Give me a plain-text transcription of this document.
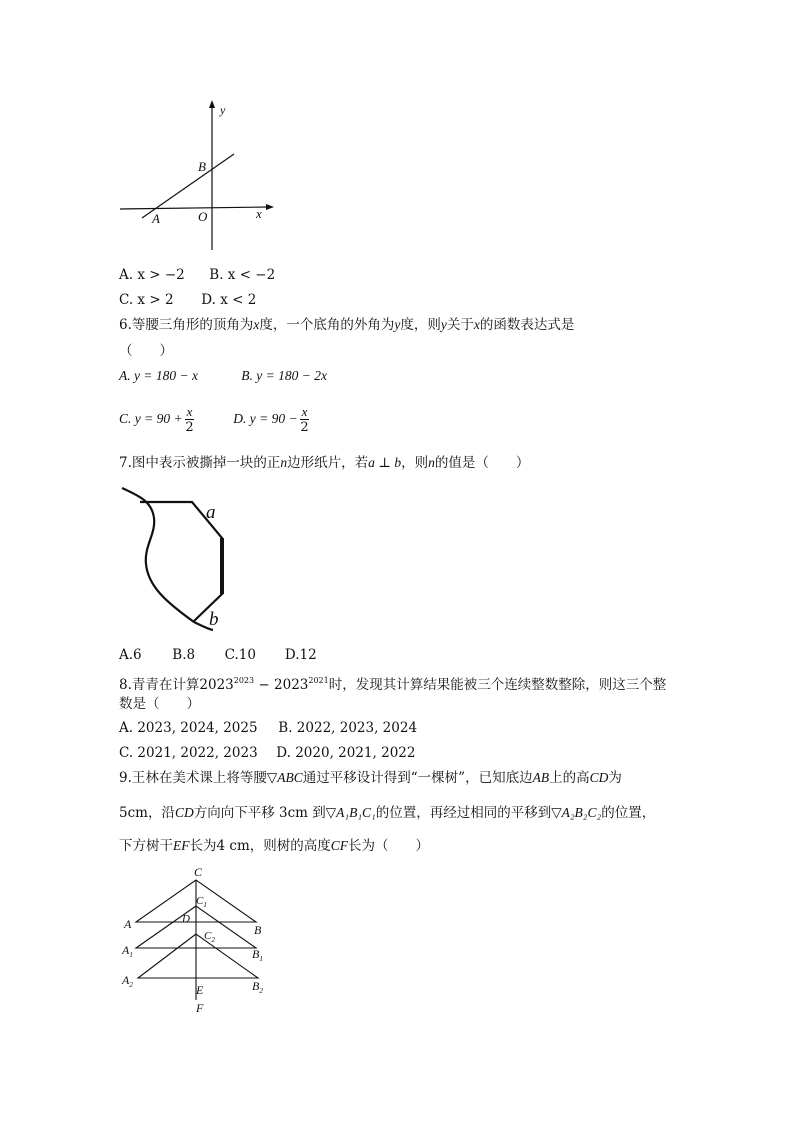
y
x
B
A	O
A. x > −2 B. x < −2
C. x > 2 D. x < 2
6.等腰三角形的顶角为x度，一个底角的外角为y度，则y关于x的函数表达式是
（　　）
A. y = 180 − x	B. y = 180 − 2x
C. $y = 90 + \frac{x}{2}$	D. $y = 90 - \frac{x}{2}$
7.图中表示被撕掉一块的正n边形纸片，若a ⊥ b，则n的值是（　　）
a
b
A.6 B.8 C.10 D.12
8.青青在计算$2023^{2023} - 2023^{2021}$时，发现其计算结果能被三个连续整数整除，则这三个整
数是（　　）
A. 2023, 2024, 2025 B. 2022, 2023, 2024
C. 2021, 2022, 2023 D. 2020, 2021, 2022
9.王林在美术课上将等腰▽ABC通过平移设计得到“一棵树”，已知底边AB上的高CD为
5cm，沿CD方向向下平移 3cm 到▽A₁B₁C₁的位置，再经过相同的平移到▽A₂B₂C₂的位置，
下方树干EF长为4 cm，则树的高度CF长为（　　）
C
$C_1$
D
A	B
$C_2$
$A_1$	$B_1$
$A_2$	E	$B_2$
F
